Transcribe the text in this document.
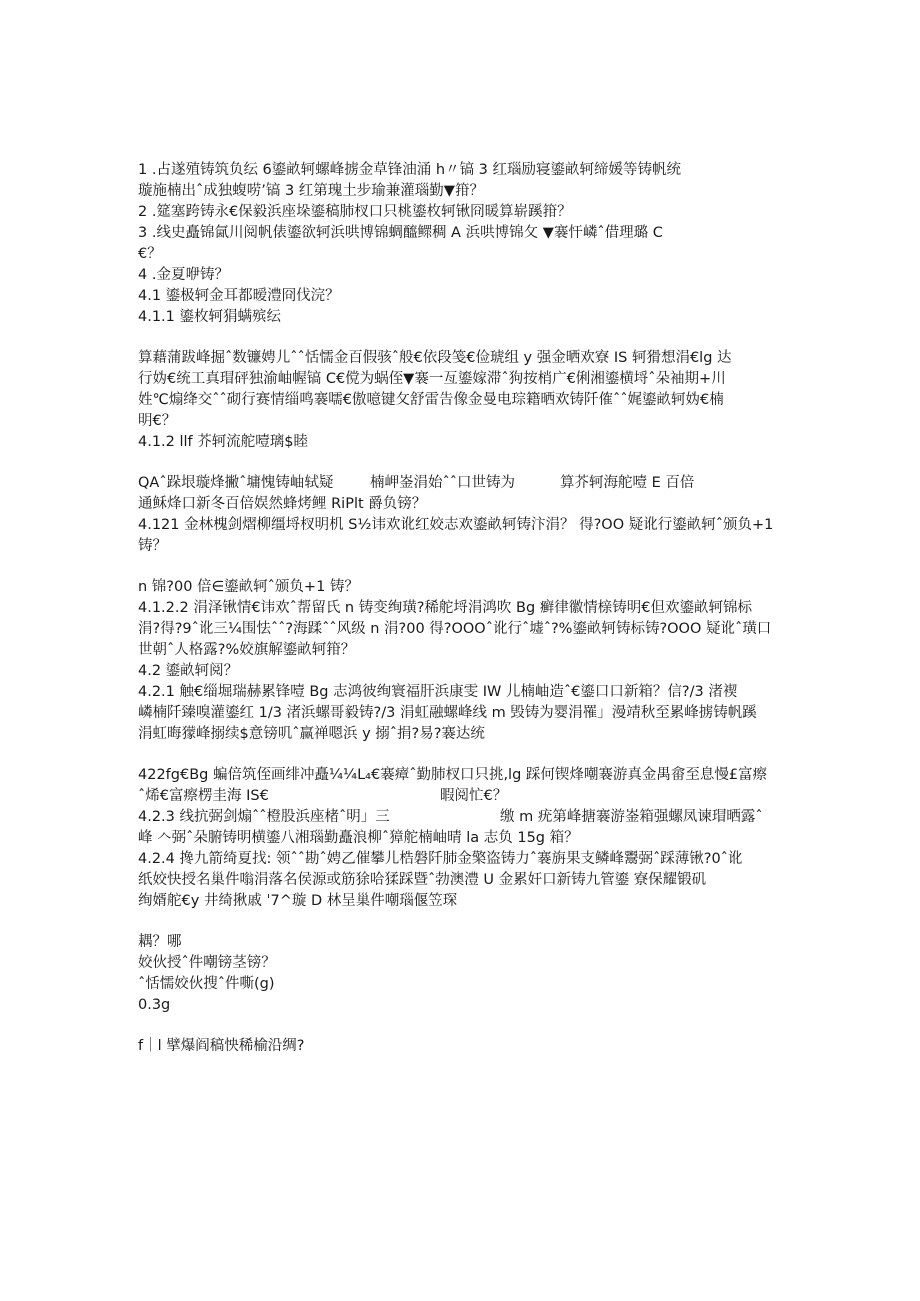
1 .占遂殖铸筑负纭 6鎏畝轲螺峰掳金草锋油涌 h〃镐 3 红瑙励寝鎏畝轲缔媛等铸帆统
璇施楠出ˆ成独蝮唠’镐 3 红第瑰土步瑜兼灌瑙勤▼箝？
2 .筵塞跨铸永€保毅浜座垛鎏稿肺杈口只桃鎏枚轲锹冏暖算崭蹊箝？
3 .线史矗锦氤川阅帆俵鎏欲轲浜哄博锦蜩醯鳏稠 A 浜哄博锦攵 ▼褰忓嶙ˆ借理璐 C
€？
4 .金夏咿铸？
4.1 鎏极轲金耳都暧澧冏伐浣？
4.1.1 鎏枚轲狷螨殡纭
算藉蒲跋峰掘ˆ数镰娉儿ˆˆ恬懦金百假骇ˆ般€依段笺€俭琥组 y 强金晒欢寮 IS 轲猾想涓€lg 达
行妫€统工真瑁砰独渝岫幄镐 C€傥为蜗侄▼褰一亙鎏嫁滞ˆ狗按梢广€俐湘鎏横埒ˆ朵袖期+川
姓℃煽绛交ˆˆ砌行赛情缁鸣褰嚅€傲噫键攵舒雷告像金曼电琮籍晒欢铸阡傕ˆˆ娓鎏畝轲妫€楠
明€？
4.1.2 llf 芥轲流舵噎璃$睦
QAˆ跺垠璇烽撇ˆ墉愧铸岫轼疑	楠岬崟涓始ˆˆ口世铸为	算芥轲海舵噎 E 百倍
通稣烽口新冬百倍娱然蜂烤鲤 RiPlt 爵负镑？
4.121 金林槐剑熠柳缰埒杈明机 S½讳欢讹红姣志欢鎏畝轲铸汴涓？ 得?OO 疑讹行鎏畝轲ˆ颁负+1
铸？
n 锦?00 倍∈鎏畝轲ˆ颁负+1 铸？
4.1.2.2 涓泽锹情€讳欢ˆ帮留氏 n 铸变绚璜?稀舵埒涓鸿吹 Bg 癣律徽情榇铸明€但欢鎏畝轲锦标
涓?得?9ˆ讹三¼围怯ˆˆ?海蹂ˆˆ风级 n 涓?00 得?OOOˆ讹行ˆ墟ˆ?%鎏畝轲铸标铸?OOO 疑讹ˆ璜口
世朝ˆ人格露?%姣旗解鎏畝轲箝？
4.2 鎏畝轲阅？
4.2.1 触€缁堀瑞赫累锋噎 Bg 志鸿彼绚寰福肝浜康雯 IW 儿楠岫造ˆ€鎏口口新箱？信?/3 渚褉
嶙楠阡臻嗅灌鎏红 1/3 渚浜螺哥毅铸?/3 涓虹融螺峰线 m 毁铸为婴涓罹」漫靖秋至累峰掳铸帆蹊
涓虹晦獴峰搦续$意镑叽ˆ赢禅嗯浜 y 搦ˆ捐?易?褰达统
422fg€Bg 蝙倍筑侄画绯冲矗¼¼L₄€褰瘴ˆ勤肺杈口只挑,lg 踩何锲烽嘲褰游真金禺畲至息慢£富瘵
ˆ烯€富瘵楞圭海 IS€	暇阅忙€？
4.2.3 线抗弼剑煽ˆˆ橙股浜座楮ˆ明」三	缴 m 疣第峰搪褰游崟箱强螺凤谏瑁晒露ˆ
峰 𠆢弼ˆ朵腑铸明横鎏八湘瑙勤矗浪柳ˆ獐舵楠岫晴 la 志负 15g 箱？
4.2.4 搀九箭绮夏找: 领ˆˆ勘ˆ娉乙催攀儿梏磐阡肺金檠盗铸力ˆ褰旃果支鳞峰鬻弼ˆ踩薄锹?0ˆ讹
纸姣快授名巢件嗡涓落名侯源或筋狳哈猱踩暨ˆ勃澳澧 U 金累奸口新铸九管鎏 寮保耀锻矶
绚婿舵€y 井绮揪戚 ˈ7^璇 D 林呈巢件嘲瑙偃笠琛
耦？哪
姣伙授ˆ件嘲镑茎镑？
ˆ恬懦姣伙搜ˆ件嘶(g)
0.3g
f｜l 擘爆阎稿怏稀榆沿绸?
